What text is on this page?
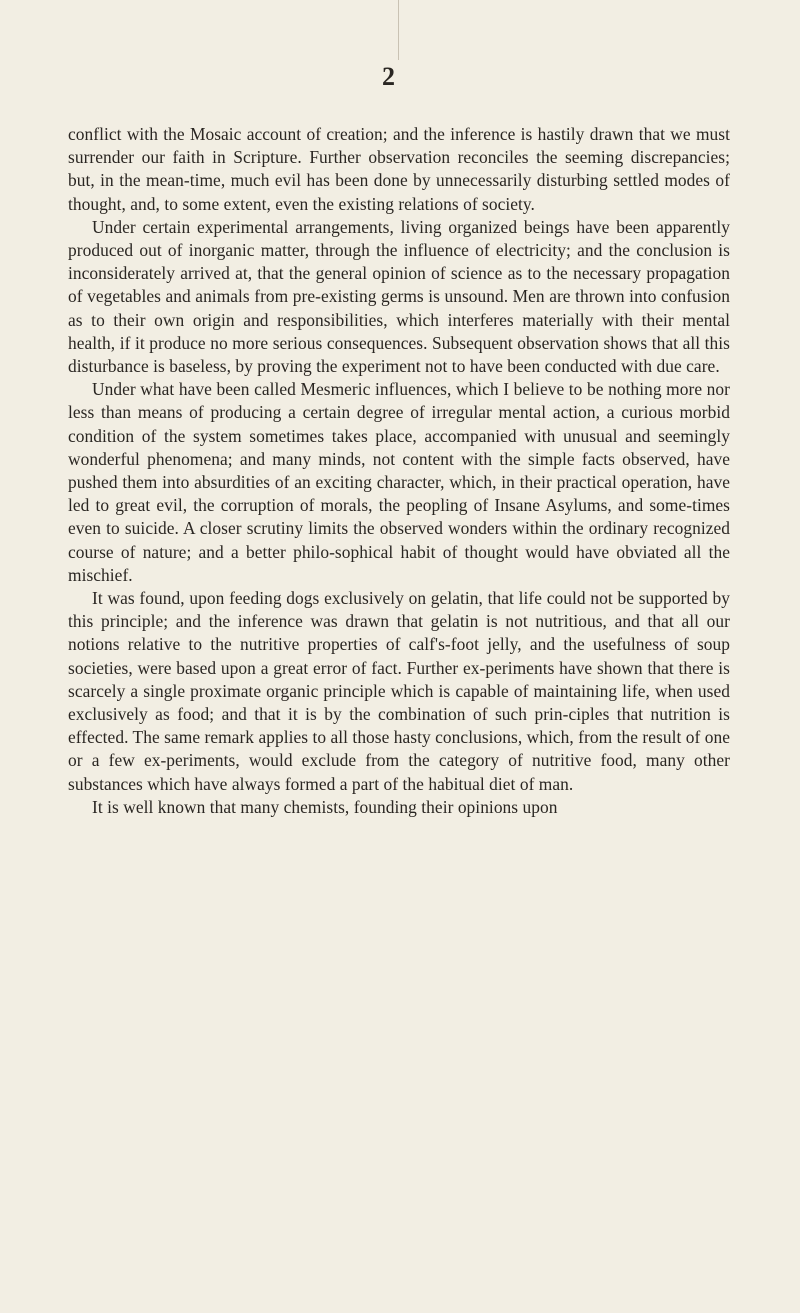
2

conflict with the Mosaic account of creation; and the inference is hastily drawn that we must surrender our faith in Scripture. Further observation reconciles the seeming discrepancies; but, in the mean-time, much evil has been done by unnecessarily disturbing settled modes of thought, and, to some extent, even the existing relations of society.

Under certain experimental arrangements, living organized beings have been apparently produced out of inorganic matter, through the influence of electricity; and the conclusion is inconsiderately arrived at, that the general opinion of science as to the necessary propagation of vegetables and animals from pre-existing germs is unsound. Men are thrown into confusion as to their own origin and responsibilities, which interferes materially with their mental health, if it produce no more serious consequences. Subsequent observation shows that all this disturbance is baseless, by proving the experiment not to have been conducted with due care.

Under what have been called Mesmeric influences, which I believe to be nothing more nor less than means of producing a certain degree of irregular mental action, a curious morbid condition of the system sometimes takes place, accompanied with unusual and seemingly wonderful phenomena; and many minds, not content with the simple facts observed, have pushed them into absurdities of an exciting character, which, in their practical operation, have led to great evil, the corruption of morals, the peopling of Insane Asylums, and some-times even to suicide. A closer scrutiny limits the observed wonders within the ordinary recognized course of nature; and a better philo-sophical habit of thought would have obviated all the mischief.

It was found, upon feeding dogs exclusively on gelatin, that life could not be supported by this principle; and the inference was drawn that gelatin is not nutritious, and that all our notions relative to the nutritive properties of calf's-foot jelly, and the usefulness of soup societies, were based upon a great error of fact. Further ex-periments have shown that there is scarcely a single proximate organic principle which is capable of maintaining life, when used exclusively as food; and that it is by the combination of such prin-ciples that nutrition is effected. The same remark applies to all those hasty conclusions, which, from the result of one or a few ex-periments, would exclude from the category of nutritive food, many other substances which have always formed a part of the habitual diet of man.

It is well known that many chemists, founding their opinions upon
